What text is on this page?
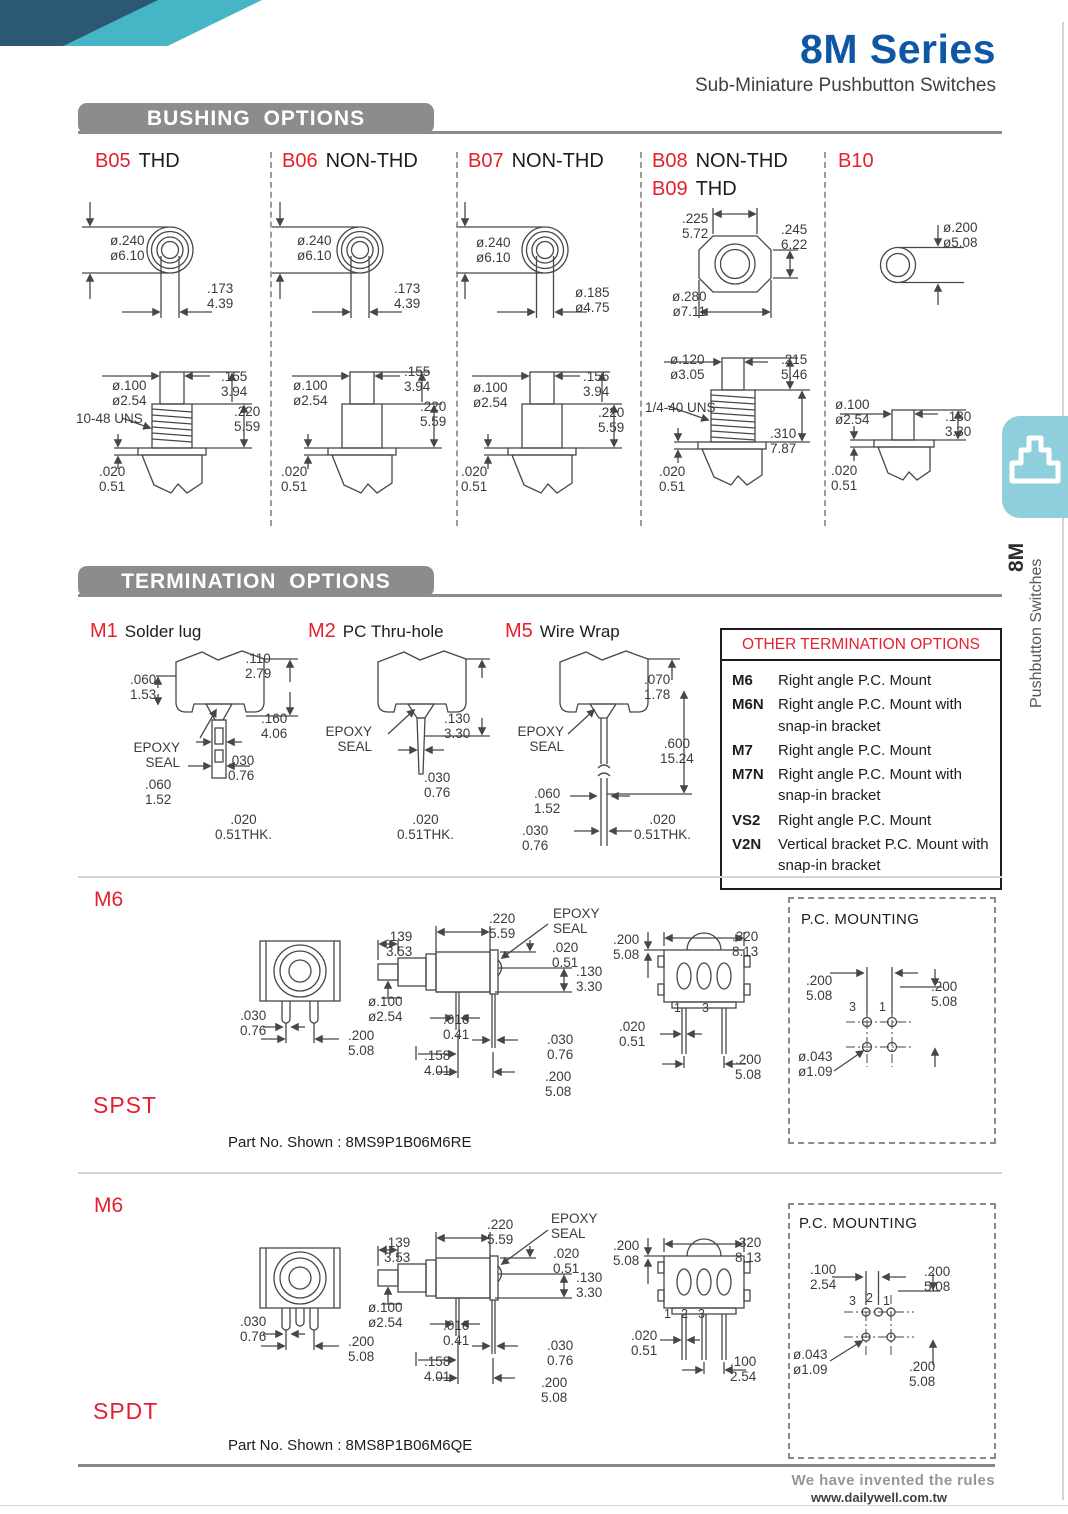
8M Series
Sub-Miniature Pushbutton Switches
8M
Pushbutton Switches
BUSHING OPTIONS
B05 THD	B06 NON-THD	B07 NON-THD B08 NON-THD
B09 THD
B10
ø.240
ø6.10
.173
4.39
ø.100
ø2.54
10-48 UNS
.155
3.94
.220
5.59
.020
0.51
ø.240
ø6.10
.173
4.39
ø.100
ø2.54
.155
3.94
.220
5.59
.020
0.51
ø.240
ø6.10
ø.185
ø4.75
ø.100
ø2.54
.155
3.94
.220
5.59
.020
0.51
.225
5.72	.245
6.22
ø.280
ø7.11
ø.120
ø3.05
1/4-40 UNS
.215
5.46
.310
7.87
.020
0.51
ø.200
ø5.08
ø.100
ø2.54	.130
3.30
.020
0.51
TERMINATION OPTIONS
M1 Solder lug	M2 PC Thru-hole	M5 Wire Wrap
.110
2.79
.060
1.53
.160
4.06
EPOXY
SEAL	.030
0.76
.060
1.52
.020
0.51THK.
EPOXY
SEAL
.130
3.30
.030
0.76
.020
0.51THK.
.070
1.78
EPOXY
SEAL	.600
15.24
.060
1.52
.030
0.76
.020
0.51THK.
OTHER TERMINATION OPTIONS
M6	Right angle P.C. Mount
M6N Right angle P.C. Mount with snap-in bracket
M7	Right angle P.C. Mount
M7N Right angle P.C. Mount with snap-in bracket
VS2	Right angle P.C. Mount
V2N	Vertical bracket P.C. Mount with snap-in bracket
M6
.030
0.76	.200
5.08
.139
3.53
.220
5.59
EPOXY
SEAL
.020
0.51
.130
3.30
ø.100
ø2.54	.016
0.41
.158
4.01
.030
0.76
.200
5.08
.200
5.08
.320
8.13
1 3
.020
0.51
.200
5.08
P.C. MOUNTING
.200
5.08
.200
5.08
3 1
ø.043
ø1.09
SPST
Part No. Shown : 8MS9P1B06M6RE
M6
.030
0.76	.200
5.08
.139
3.53
.220
5.59
EPOXY
SEAL
.020
0.51
.130
3.30
ø.100
ø2.54	.016
0.41
.158
4.01
.030
0.76
.200
5.08
.200
5.08
.320
8.13
1 2 3
.020
0.51
.100
2.54
P.C. MOUNTING
.100
2.54
.200
5.08
3 2 1
ø.043
ø1.09	.200
5.08
SPDT
Part No. Shown : 8MS8P1B06M6QE
We have invented the rules
www.dailywell.com.tw
